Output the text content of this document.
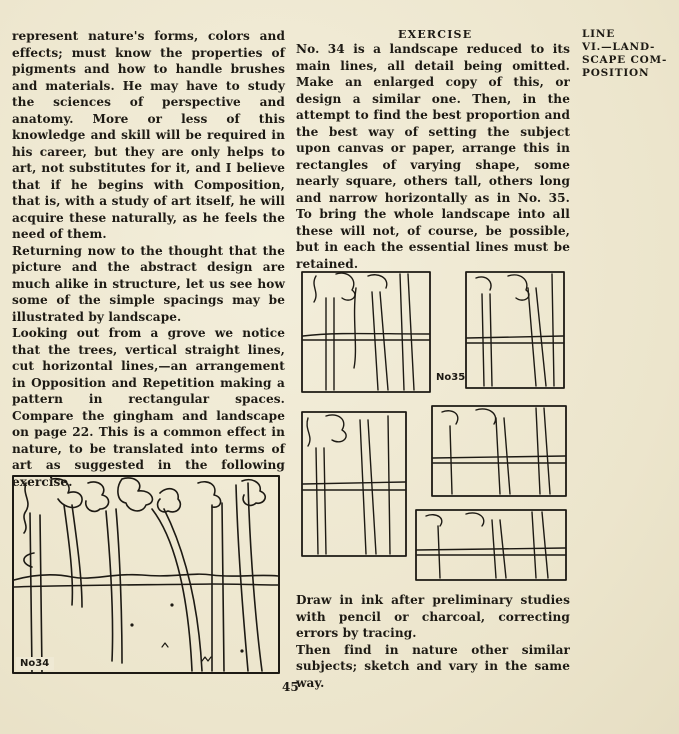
represent nature's forms, colors and effects; must know the properties of pigments and how to handle brushes and materials. He may have to study the sciences of perspective and anatomy. More or less of this knowledge and skill will be required in his career, but they are only helps to art, not substitutes for it, and I believe that if he begins with Composition, that is, with a study of art itself, he will acquire these naturally, as he feels the need of them.

Returning now to the thought that the picture and the abstract design are much alike in structure, let us see how some of the simple spacings may be illustrated by landscape.

Looking out from a grove we notice that the trees, vertical straight lines, cut horizontal lines,—an arrangement in Opposition and Repetition making a pattern in rectangular spaces. Compare the gingham and landscape on page 22. This is a common effect in nature, to be translated into terms of art as suggested in the following exercise.

EXERCISE

No. 34 is a landscape reduced to its main lines, all detail being omitted. Make an enlarged copy of this, or design a similar one. Then, in the attempt to find the best proportion and the best way of setting the subject upon canvas or paper, arrange this in rectangles of varying shape, some nearly square, others tall, others long and narrow horizontally as in No. 35. To bring the whole landscape into all these will not, of course, be possible, but in each the essential lines must be retained.

LINE
VI.—LAND-
SCAPE COM-
POSITION
No34
No35

Draw in ink after preliminary studies with pencil or charcoal, correcting errors by tracing.

Then find in nature other similar subjects; sketch and vary in the same way.

45
